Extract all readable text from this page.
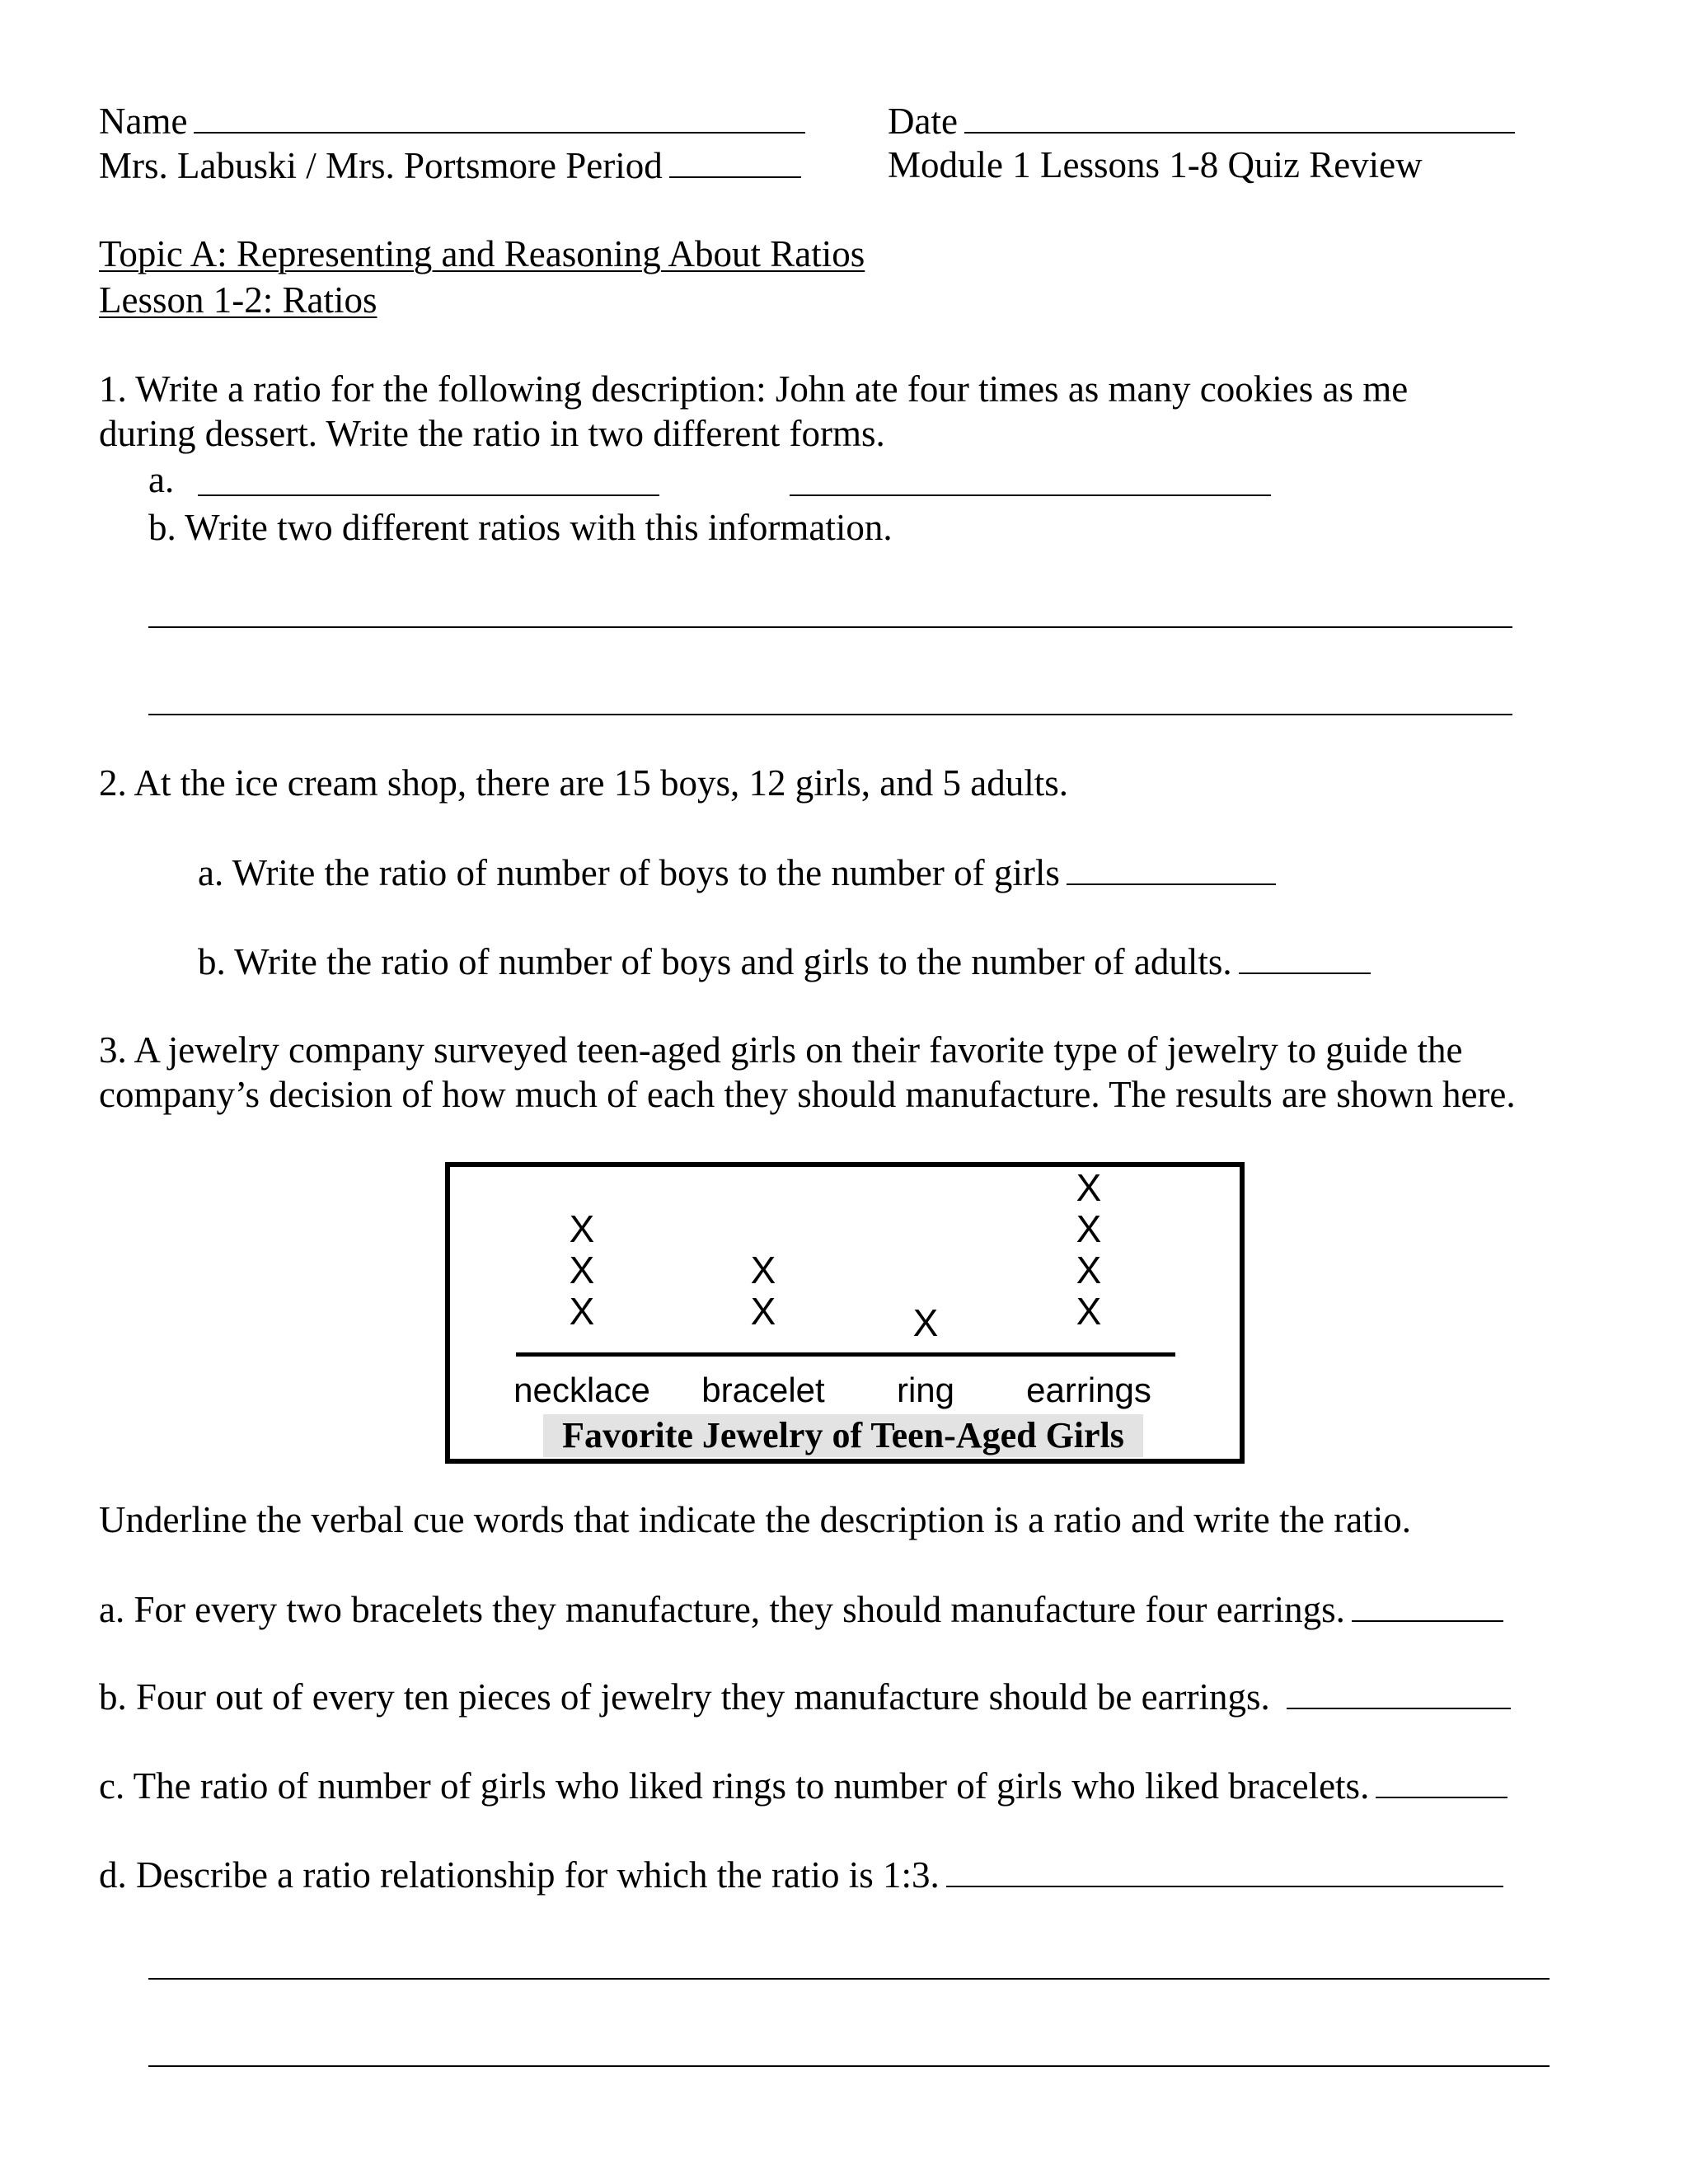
Name	Date
Mrs. Labuski / Mrs. Portsmore Period	Module 1 Lessons 1-8 Quiz Review
Topic A: Representing and Reasoning About Ratios
Lesson 1-2: Ratios
1. Write a ratio for the following description: John ate four times as many cookies as me
during dessert. Write the ratio in two different forms.
a.
b. Write two different ratios with this information.
2. At the ice cream shop, there are 15 boys, 12 girls, and 5 adults.
a. Write the ratio of number of boys to the number of girls
b. Write the ratio of number of boys and girls to the number of adults.
3. A jewelry company surveyed teen-aged girls on their favorite type of jewelry to guide the
company’s decision of how much of each they should manufacture. The results are shown here.
X
X
X
X
X
X	X
X
X
X
Favorite Jewelry of Teen-Aged Girls
necklace	bracelet	ring	earrings
Underline the verbal cue words that indicate the description is a ratio and write the ratio.
a. For every two bracelets they manufacture, they should manufacture four earrings.
b. Four out of every ten pieces of jewelry they manufacture should be earrings.
c. The ratio of number of girls who liked rings to number of girls who liked bracelets.
d. Describe a ratio relationship for which the ratio is 1:3.
